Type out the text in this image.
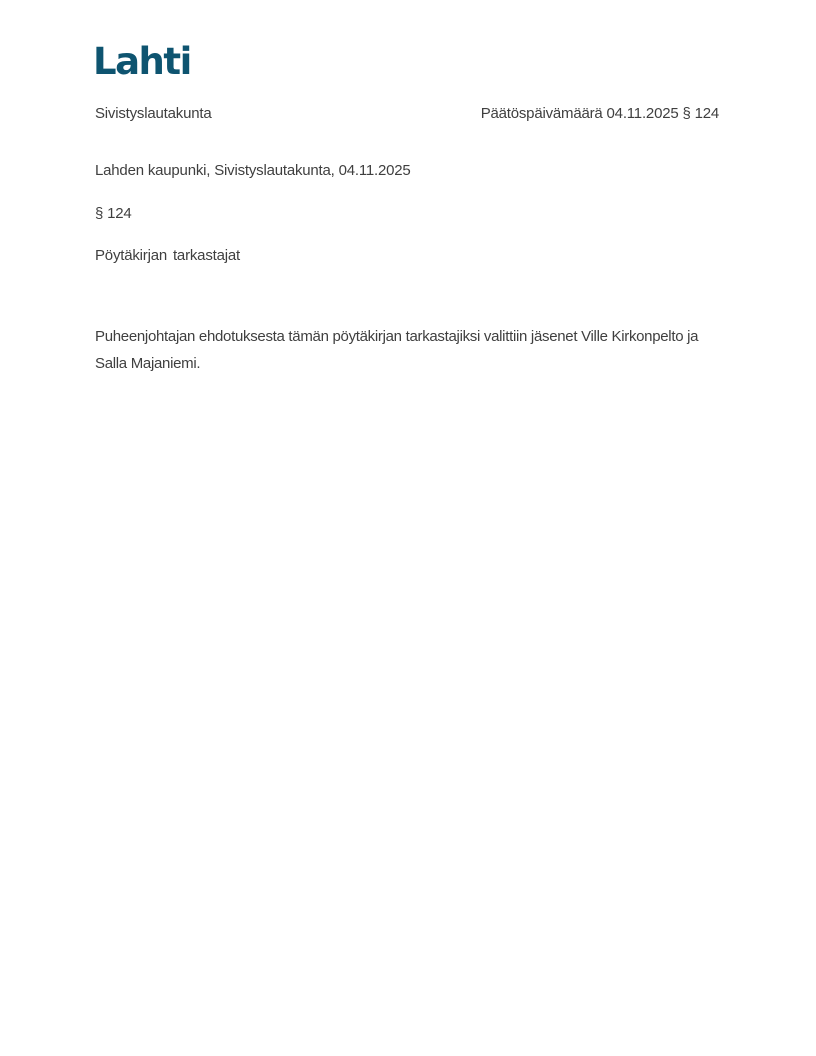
Lahti
Sivistyslautakunta	Päätöspäivämäärä 04.11.2025 § 124
Lahden kaupunki, Sivistyslautakunta, 04.11.2025
§ 124
Pöytäkirjan tarkastajat

Puheenjohtajan ehdotuksesta tämän pöytäkirjan tarkastajiksi valittiin jäsenet Ville Kirkonpelto ja Salla Majaniemi.
